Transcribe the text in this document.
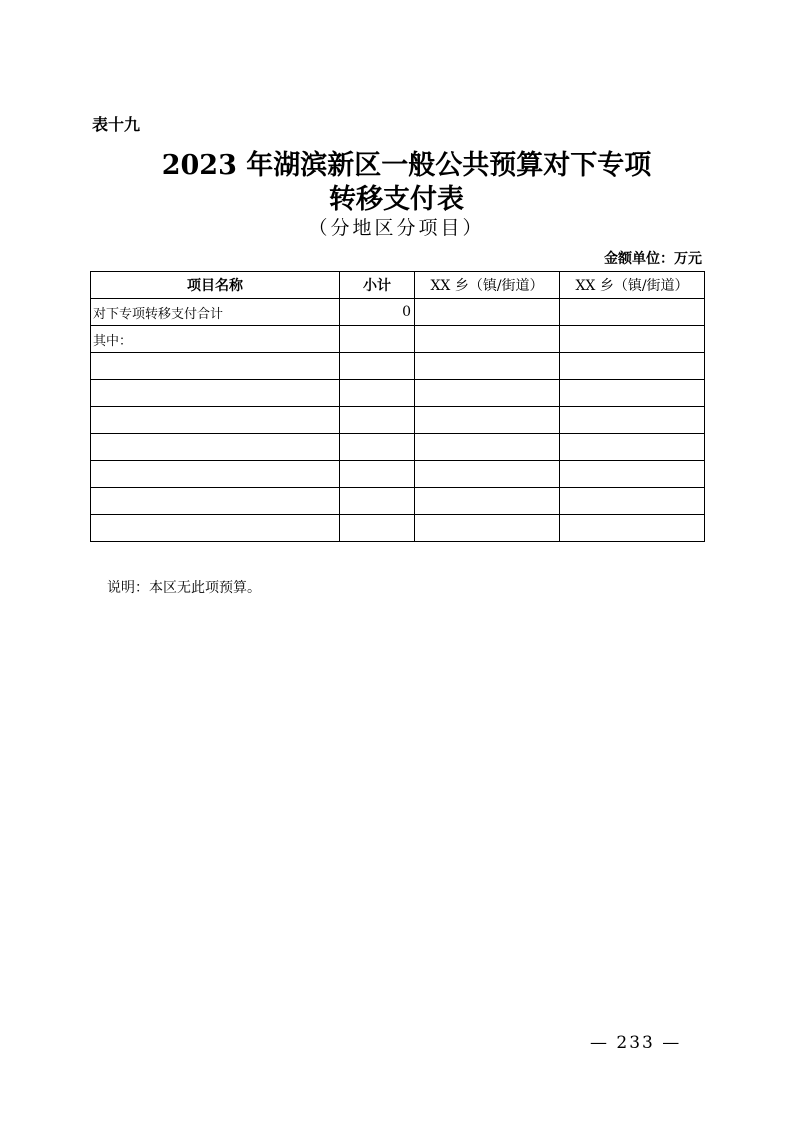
表十九
2023 年湖滨新区一般公共预算对下专项
转移支付表
（分地区分项目）
金额单位：万元
项目名称	小计	XX 乡（镇/街道）	XX 乡（镇/街道）
对下专项转移支付合计	0		
其中：			

说明：本区无此项预算。
— 233 —
